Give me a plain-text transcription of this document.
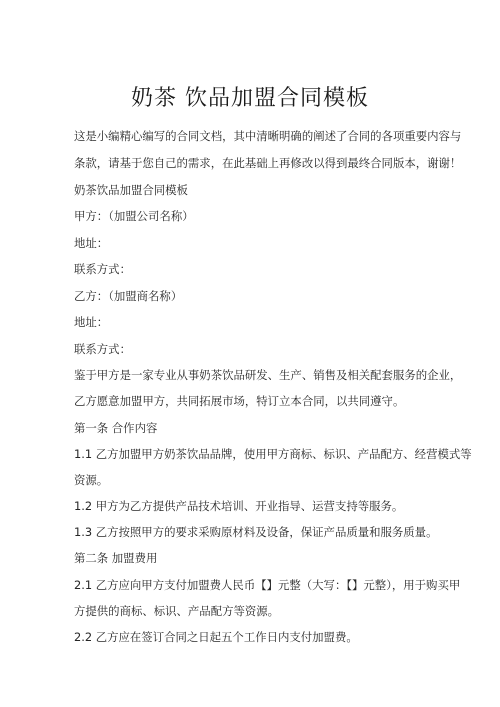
奶茶 饮品加盟合同模板
这是小编精心编写的合同文档，其中清晰明确的阐述了合同的各项重要内容与
条款，请基于您自己的需求，在此基础上再修改以得到最终合同版本，谢谢！
奶茶饮品加盟合同模板
甲方：（加盟公司名称）
地址：
联系方式：
乙方：（加盟商名称）
地址：
联系方式：
鉴于甲方是一家专业从事奶茶饮品研发、生产、销售及相关配套服务的企业，
乙方愿意加盟甲方，共同拓展市场，特订立本合同，以共同遵守。
第一条 合作内容
1.1 乙方加盟甲方奶茶饮品品牌，使用甲方商标、标识、产品配方、经营模式等
资源。
1.2 甲方为乙方提供产品技术培训、开业指导、运营支持等服务。
1.3 乙方按照甲方的要求采购原材料及设备，保证产品质量和服务质量。
第二条 加盟费用
2.1 乙方应向甲方支付加盟费人民币【】元整（大写：【】元整），用于购买甲
方提供的商标、标识、产品配方等资源。
2.2 乙方应在签订合同之日起五个工作日内支付加盟费。
